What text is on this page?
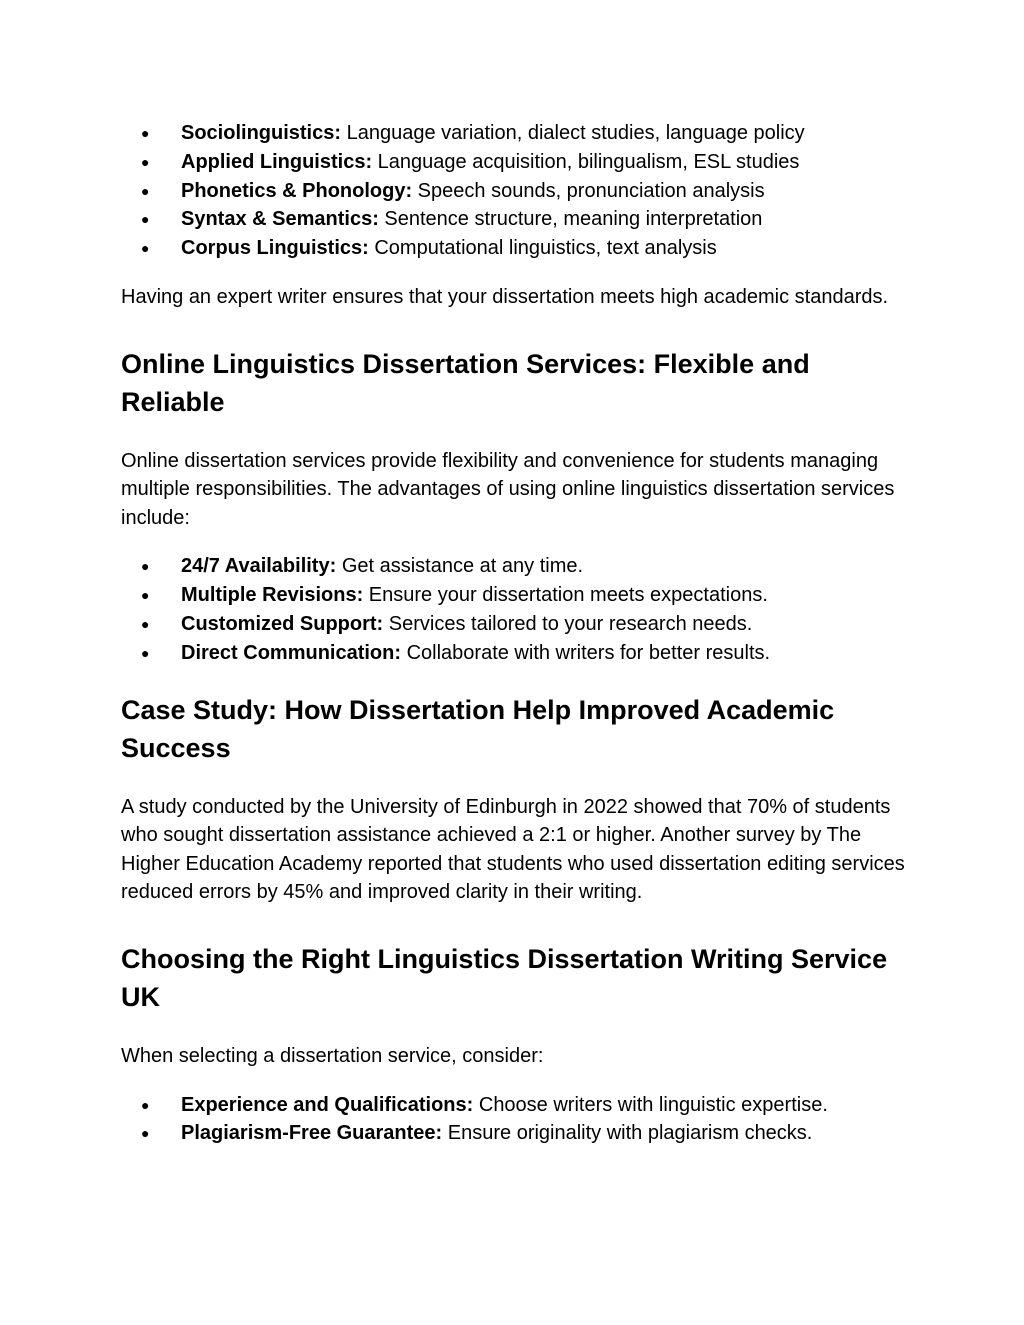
● Sociolinguistics: Language variation, dialect studies, language policy
● Applied Linguistics: Language acquisition, bilingualism, ESL studies
● Phonetics & Phonology: Speech sounds, pronunciation analysis
● Syntax & Semantics: Sentence structure, meaning interpretation
● Corpus Linguistics: Computational linguistics, text analysis

Having an expert writer ensures that your dissertation meets high academic standards.

Online Linguistics Dissertation Services: Flexible and Reliable

Online dissertation services provide flexibility and convenience for students managing multiple responsibilities. The advantages of using online linguistics dissertation services include:

● 24/7 Availability: Get assistance at any time.
● Multiple Revisions: Ensure your dissertation meets expectations.
● Customized Support: Services tailored to your research needs.
● Direct Communication: Collaborate with writers for better results.
Case Study: How Dissertation Help Improved Academic Success

A study conducted by the University of Edinburgh in 2022 showed that 70% of students who sought dissertation assistance achieved a 2:1 or higher. Another survey by The Higher Education Academy reported that students who used dissertation editing services reduced errors by 45% and improved clarity in their writing.

Choosing the Right Linguistics Dissertation Writing Service UK

When selecting a dissertation service, consider:

● Experience and Qualifications: Choose writers with linguistic expertise.
● Plagiarism-Free Guarantee: Ensure originality with plagiarism checks.
